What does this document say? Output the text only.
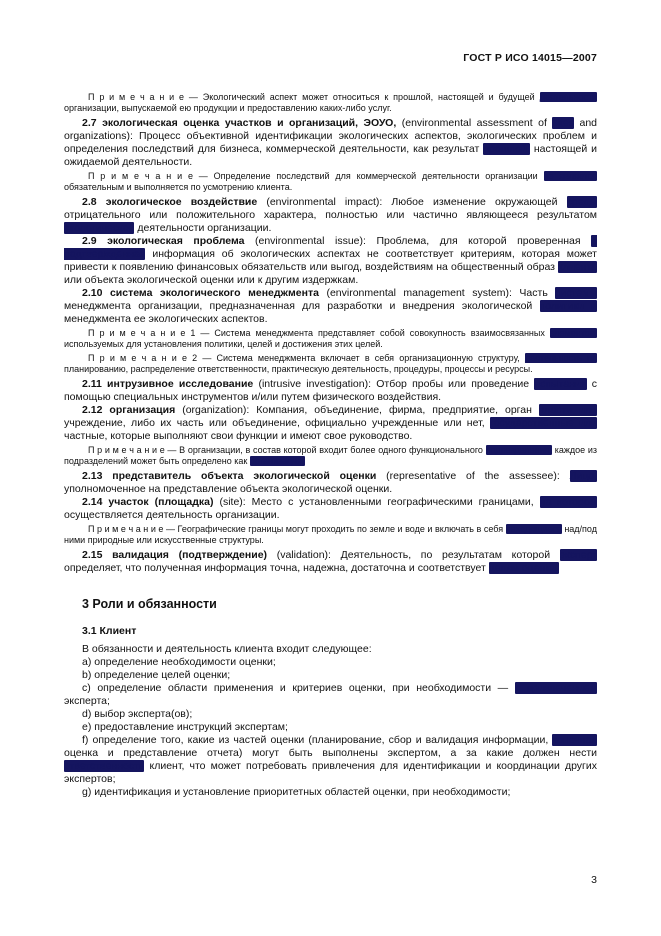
ГОСТ Р ИСО 14015—2007
П р и м е ч а н и е — Экологический аспект может относиться к прошлой, настоящей и будущей деятельности организации, выпускаемой ею продукции и предоставлению каких-либо услуг.
2.7 экологическая оценка участков и организаций, ЭОУО, (environmental assessment of sites and organizations): Процесс объективной идентификации экологических аспектов, экологических проблем и определения последствий для бизнеса, коммерческой деятельности, как результат прошлой, настоящей и ожидаемой деятельности.
П р и м е ч а н и е — Определение последствий для коммерческой деятельности организации не является обязательным и выполняется по усмотрению клиента.
2.8 экологическое воздействие (environmental impact): Любое изменение окружающей среды отрицательного или положительного характера, полностью или частично являющееся результатом экологической деятельности организации.
2.9 экологическая проблема (environmental issue): Проблема, для которой проверенная и подтвержденная информация об экологических аспектах не соответствует критериям, которая может привести к появлению финансовых обязательств или выгод, воздействиям на общественный образ клиента или объекта экологической оценки или к другим издержкам.
2.10 система экологического менеджмента (environmental management system): Часть системы менеджмента организации, предназначенная для разработки и внедрения экологической политики и менеджмента ее экологических аспектов.
П р и м е ч а н и е 1 — Система менеджмента представляет собой совокупность взаимосвязанных элементов, используемых для установления политики, целей и достижения этих целей.
П р и м е ч а н и е 2 — Система менеджмента включает в себя организационную структуру, деятельность по планированию, распределение ответственности, практическую деятельность, процедуры, процессы и ресурсы.
2.11 интрузивное исследование (intrusive investigation): Отбор пробы или проведение испытания с помощью специальных инструментов и/или путем физического воздействия.
2.12 организация (organization): Компания, объединение, фирма, предприятие, орган власти или учреждение, либо их часть или объединение, официально учрежденные или нет, государственные или частные, которые выполняют свои функции и имеют свое руководство.
П р и м е ч а н и е — В организации, в состав которой входит более одного функционального подразделения, каждое из подразделений может быть определено как организация.
2.13 представитель объекта экологической оценки (representative of the assessee): Лицо, уполномоченное на представление объекта экологической оценки.
2.14 участок (площадка) (site): Место с установленными географическими границами, на котором осуществляется деятельность организации.
П р и м е ч а н и е — Географические границы могут проходить по земле и воде и включать в себя находящиеся над/под ними природные или искусственные структуры.
2.15 валидация (подтверждение) (validation): Деятельность, по результатам которой эксперт определяет, что полученная информация точна, надежна, достаточна и соответствует целям оценки.
3 Роли и обязанности
3.1 Клиент
В обязанности и деятельность клиента входит следующее:
a) определение необходимости оценки;
b) определение целей оценки;
c) определение области применения и критериев оценки, при необходимости — с привлечением эксперта;
d) выбор эксперта(ов);
e) предоставление инструкций экспертам;
f) определение того, какие из частей оценки (планирование, сбор и валидация информации, конечная оценка и представление отчета) могут быть выполнены экспертом, а за какие должен нести ответственность клиент, что может потребовать привлечения для идентификации и координации других экспертов;
g) идентификация и установление приоритетных областей оценки, при необходимости;
3
